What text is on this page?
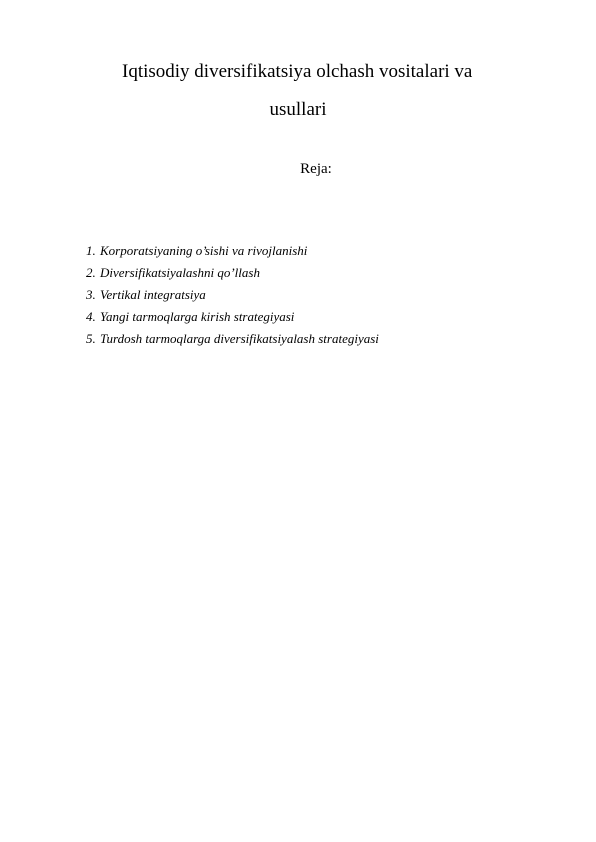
Iqtisodiy diversifikatsiya olchash vositalari va
usullari
Reja:
1. Korporatsiyaning o’sishi va rivojlanishi
2. Diversifikatsiyalashni qo’llash
3. Vertikal integratsiya
4. Yangi tarmoqlarga kirish strategiyasi
5. Turdosh tarmoqlarga diversifikatsiyalash strategiyasi
